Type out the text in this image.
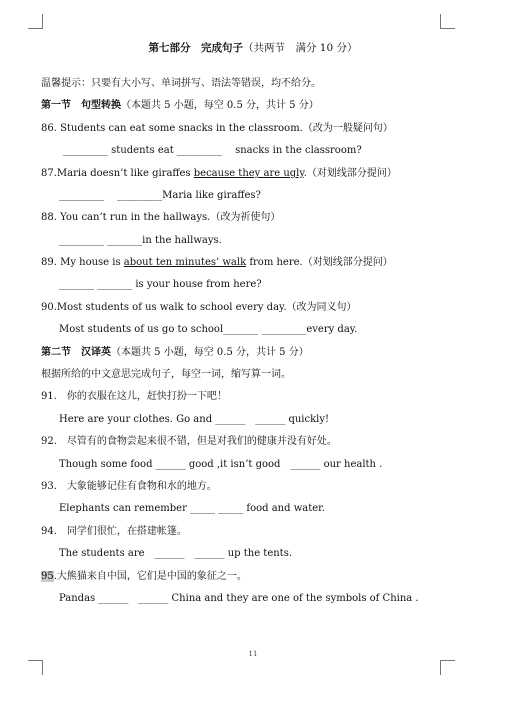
第七部分　完成句子（共两节　满分 10 分）
温馨提示：只要有大小写、单词拼写、语法等错误，均不给分。
第一节　句型转换（本题共 5 小题，每空 0.5 分，共计 5 分）
86. Students can eat some snacks in the classroom.（改为一般疑问句）
_________ students eat _________　 snacks in the classroom?
87.Maria doesn’t like giraffes because they are ugly.（对划线部分提问）
_________　 _________Maria like giraffes?
88. You can’t run in the hallways.（改为祈使句）
_________ _______in the hallways.
89. My house is about ten minutes’ walk from here.（对划线部分提问）
_______ _______ is your house from here?
90.Most students of us walk to school every day.（改为同义句）
Most students of us go to school_______ _________every day.
第二节　汉译英（本题共 5 小题，每空 0.5 分，共计 5 分）
根据所给的中文意思完成句子，每空一词，缩写算一词。
91.　你的衣服在这儿，赶快打扮一下吧！
Here are your clothes. Go and ______　______ quickly!
92.　尽管有的食物尝起来很不错，但是对我们的健康并没有好处。
Though some food ______ good ,it isn’t good　______ our health .
93.　大象能够记住有食物和水的地方。
Elephants can remember _____ _____ food and water.
94.　同学们很忙，在搭建帐篷。
The students are　______　______ up the tents.
95.大熊猫来自中国，它们是中国的象征之一。
Pandas ______　______ China and they are one of the symbols of China .
11
